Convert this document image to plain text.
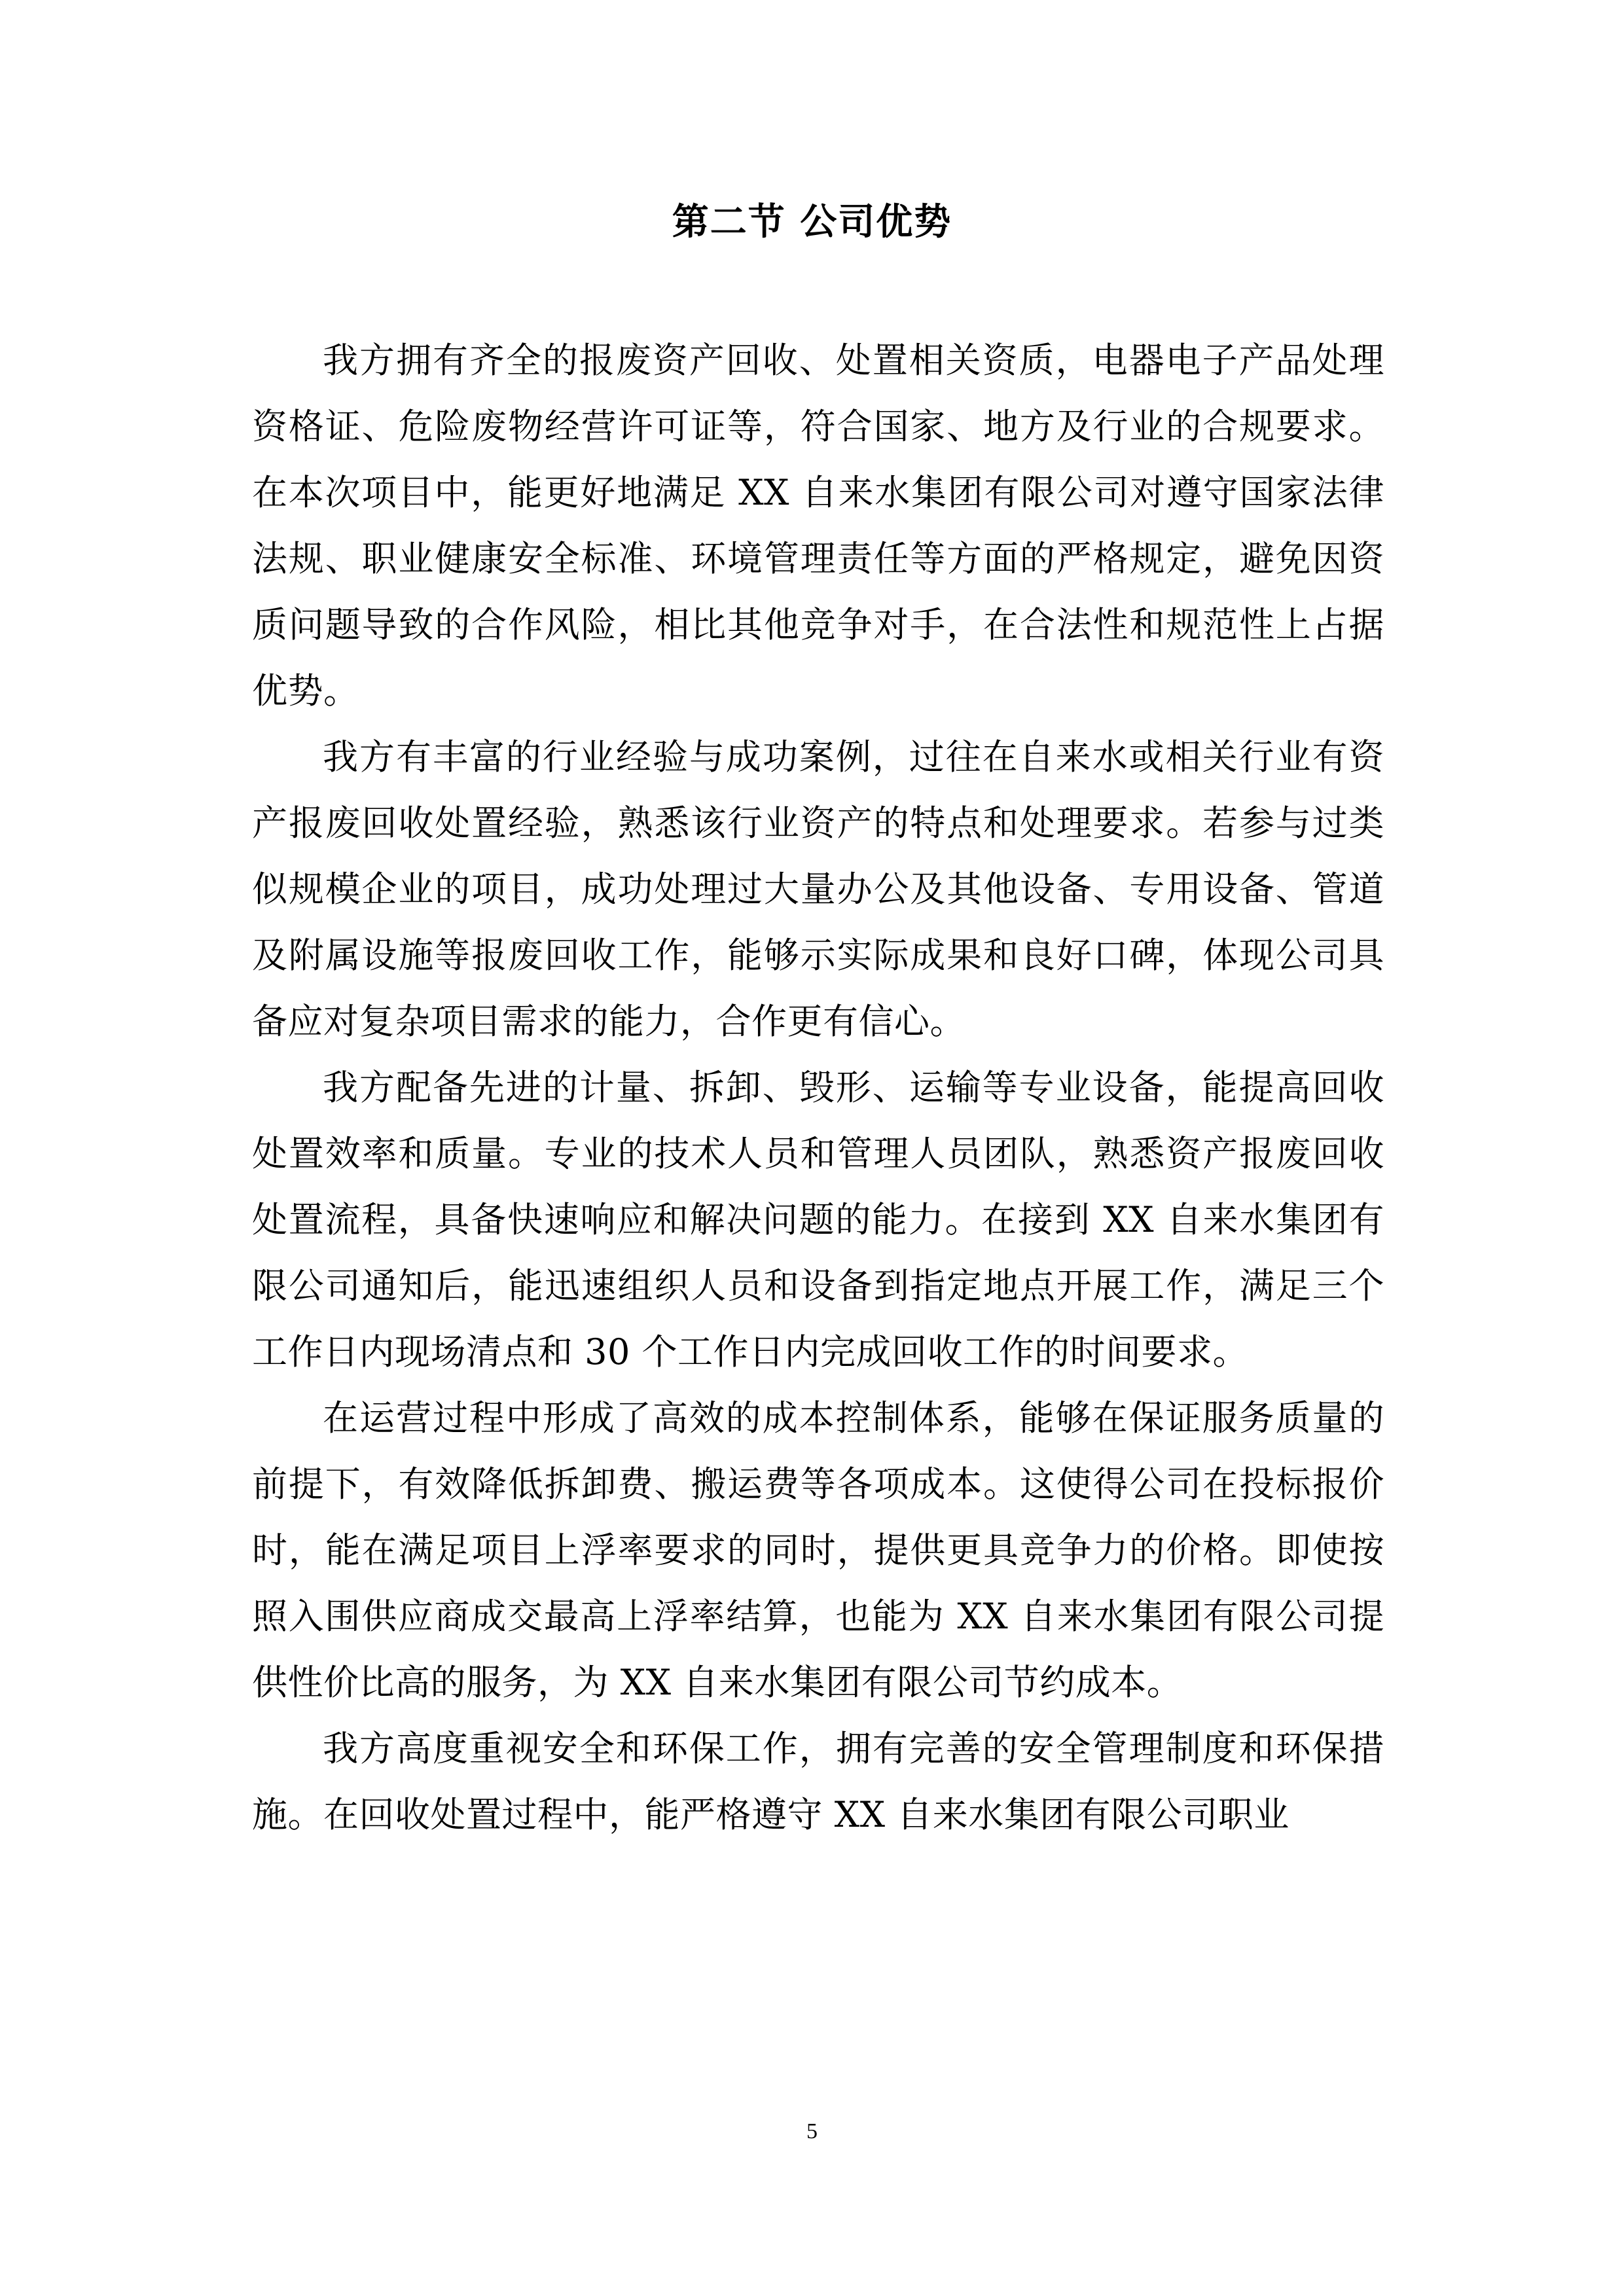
第二节 公司优势

我方拥有齐全的报废资产回收、处置相关资质，电器电子产品处理资格证、危险废物经营许可证等，符合国家、地方及行业的合规要求。在本次项目中，能更好地满足 XX 自来水集团有限公司对遵守国家法律法规、职业健康安全标准、环境管理责任等方面的严格规定，避免因资质问题导致的合作风险，相比其他竞争对手，在合法性和规范性上占据优势。

我方有丰富的行业经验与成功案例，过往在自来水或相关行业有资产报废回收处置经验，熟悉该行业资产的特点和处理要求。若参与过类似规模企业的项目，成功处理过大量办公及其他设备、专用设备、管道及附属设施等报废回收工作，能够示实际成果和良好口碑，体现公司具备应对复杂项目需求的能力，合作更有信心。

我方配备先进的计量、拆卸、毁形、运输等专业设备，能提高回收处置效率和质量。专业的技术人员和管理人员团队，熟悉资产报废回收处置流程，具备快速响应和解决问题的能力。在接到 XX 自来水集团有限公司通知后，能迅速组织人员和设备到指定地点开展工作，满足三个工作日内现场清点和 30 个工作日内完成回收工作的时间要求。

在运营过程中形成了高效的成本控制体系，能够在保证服务质量的前提下，有效降低拆卸费、搬运费等各项成本。这使得公司在投标报价时，能在满足项目上浮率要求的同时，提供更具竞争力的价格。即使按照入围供应商成交最高上浮率结算，也能为 XX 自来水集团有限公司提供性价比高的服务，为 XX 自来水集团有限公司节约成本。

我方高度重视安全和环保工作，拥有完善的安全管理制度和环保措施。在回收处置过程中，能严格遵守 XX 自来水集团有限公司职业

5
